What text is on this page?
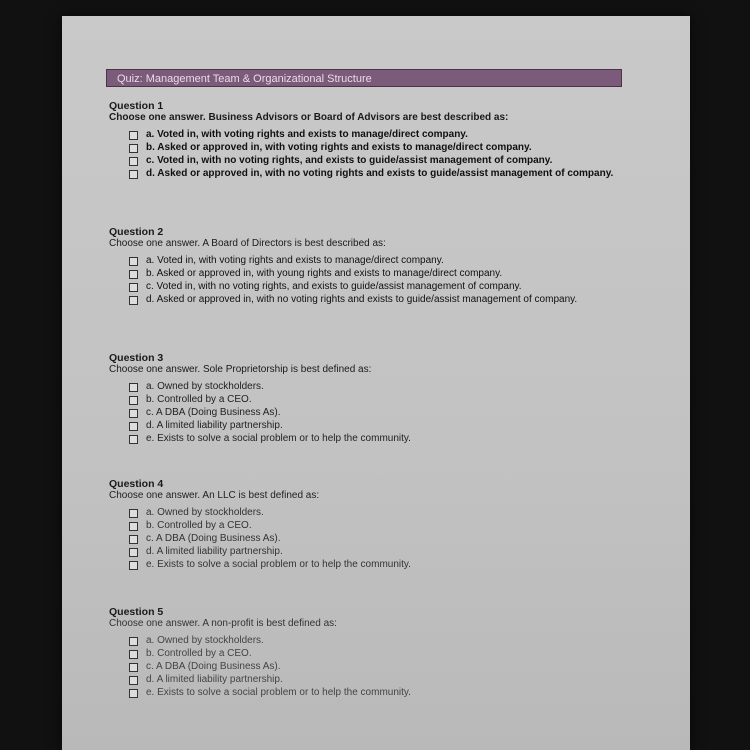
Quiz: Management Team & Organizational Structure
Question 1
Choose one answer. Business Advisors or Board of Advisors are best described as:
a. Voted in, with voting rights and exists to manage/direct company.
b. Asked or approved in, with voting rights and exists to manage/direct company.
c. Voted in, with no voting rights, and exists to guide/assist management of company.
d. Asked or approved in, with no voting rights and exists to guide/assist management of company.
Question 2
Choose one answer. A Board of Directors is best described as:
a. Voted in, with voting rights and exists to manage/direct company.
b. Asked or approved in, with young rights and exists to manage/direct company.
c. Voted in, with no voting rights, and exists to guide/assist management of company.
d. Asked or approved in, with no voting rights and exists to guide/assist management of company.
Question 3
Choose one answer. Sole Proprietorship is best defined as:
a. Owned by stockholders.
b. Controlled by a CEO.
c. A DBA (Doing Business As).
d. A limited liability partnership.
e. Exists to solve a social problem or to help the community.
Question 4
Choose one answer. An LLC is best defined as:
a. Owned by stockholders.
b. Controlled by a CEO.
c. A DBA (Doing Business As).
d. A limited liability partnership.
e. Exists to solve a social problem or to help the community.
Question 5
Choose one answer. A non-profit is best defined as:
a. Owned by stockholders.
b. Controlled by a CEO.
c. A DBA (Doing Business As).
d. A limited liability partnership.
e. Exists to solve a social problem or to help the community.
